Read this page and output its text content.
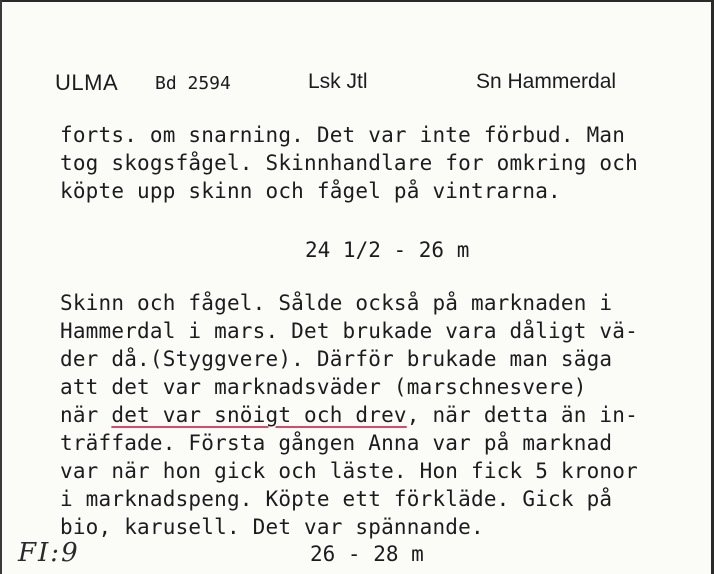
ULMA Bd 2594	Lsk Jtl	Sn Hammerdal
forts. om snarning. Det var inte förbud. Man
tog skogsfågel. Skinnhandlare for omkring och
köpte upp skinn och fågel på vintrarna.
24 1/2 - 26 m
Skinn och fågel. Sålde också på marknaden i
Hammerdal i mars. Det brukade vara dåligt vä-
der då.(Styggvere). Därför brukade man säga
att det var marknadsväder (marschnesvere)
när det var snöigt och drev, när detta än in-
träffade. Första gången Anna var på marknad
var när hon gick och läste. Hon fick 5 kronor
i marknadspeng. Köpte ett förkläde. Gick på
bio, karusell. Det var spännande.
26 - 28 m
FI:9
